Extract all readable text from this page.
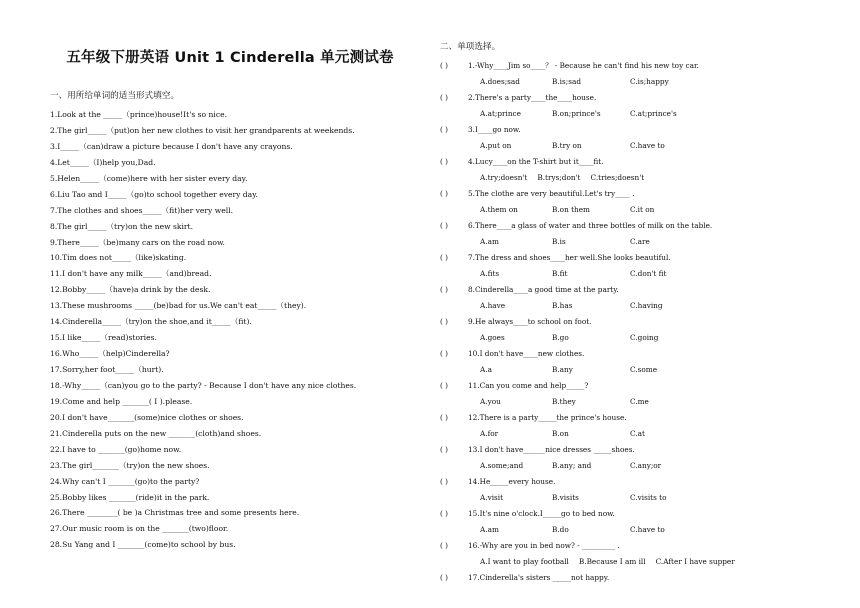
五年级下册英语 Unit 1 Cinderella 单元测试卷
一、用所给单词的适当形式填空。
1.Look at the _____（prince)house!It's so nice.
2.The girl_____（put)on her new clothes to visit her grandparents at weekends.
3.I_____（can)draw a picture because I don't have any crayons.
4.Let_____（I)help you,Dad.
5.Helen_____（come)here with her sister every day.
6.Liu Tao and I_____（go)to school together every day.
7.The clothes and shoes_____（fit)her very well.
8.The girl_____（try)on the new skirt.
9.There_____（be)many cars on the road now.
10.Tim does not_____（like)skating.
11.I don't have any milk_____（and)bread.
12.Bobby_____（have)a drink by the desk.
13.These mushrooms _____(be)bad for us.We can't eat_____（they).
14.Cinderella_____（try)on the shoe,and it_____（fit).
15.I like_____（read)stories.
16.Who_____（help)Cinderella?
17.Sorry,her foot_____（hurt).
18.-Why_____（can)you go to the party? - Because I don't have any nice clothes.
19.Come and help _______( I ).please.
20.I don't have_______(some)nice clothes or shoes.
21.Cinderella puts on the new _______(cloth)and shoes.
22.I have to _______(go)home now.
23.The girl_______（try)on the new shoes.
24.Why can't I _______(go)to the party?
25.Bobby likes _______(ride)it in the park.
26.There ________( be )a Christmas tree and some presents here.
27.Our music room is on the _______(two)floor.
28.Su Yang and I _______(come)to school by bus.
二、单项选择。
( )	1.-Why____Jim so____？ - Because he can't find his new toy car.
A.does;sad	B.is;sad	C.is;happy
( )	2.There's a party____the____house.
A.at;prince	B.on;prince's	C.at;prince's
( )	3.I____go now.
A.put on	B.try on	C.have to
( )	4.Lucy____on the T-shirt but it____fit.
A.try;doesn't B.trys;don't C.tries;doesn't
( )	5.The clothe are very beautiful.Let's try____ .
A.them on	B.on them	C.it on
( )	6.There____a glass of water and three bottles of milk on the table.
A.am	B.is	C.are
( )	7.The dress and shoes____her well.She looks beautiful.
A.fits	B.fit	C.don't fit
( )	8.Cinderella____a good time at the party.
A.have	B.has	C.having
( )	9.He always____to school on foot.
A.goes	B.go	C.going
( )	10.I don't have____new clothes.
A.a	B.any	C.some
( )	11.Can you come and help_____?
A.you	B.they	C.me
( )	12.There is a party_____the prince's house.
A.for	B.on	C.at
( )	13.I don't have______nice dresses _____shoes.
A.some;and	B.any; and	C.any;or
( )	14.He_____every house.
A.visit	B.visits	C.visits to
( )	15.It's nine o'clock.I_____go to bed now.
A.am	B.do	C.have to
( )	16.-Why are you in bed now? - _________ .
A.I want to play football B.Because I am ill C.After I have supper
( )	17.Cinderella's sisters _____not happy.
